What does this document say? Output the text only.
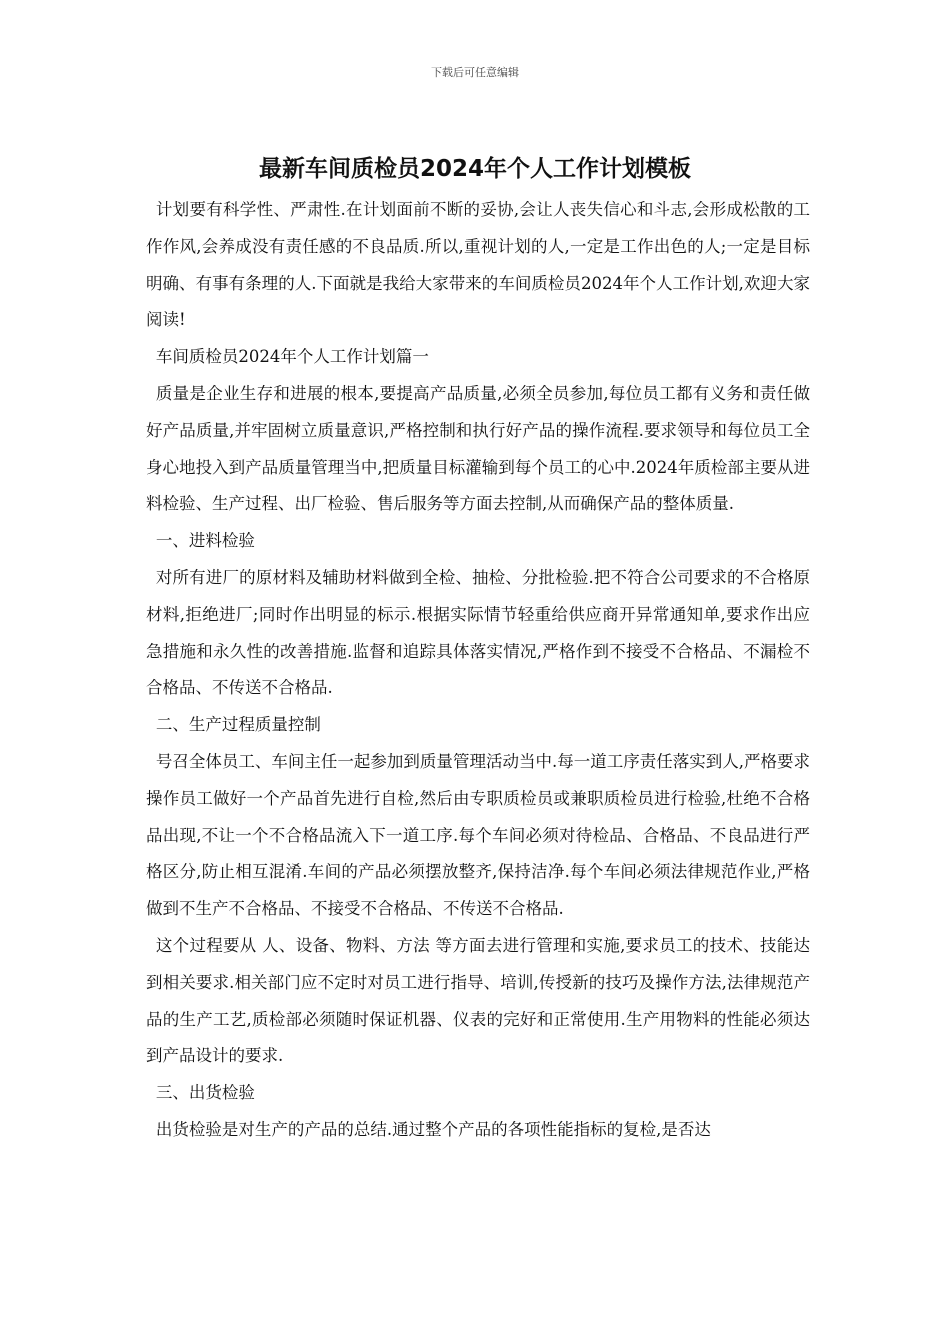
下载后可任意编辑
最新车间质检员2024年个人工作计划模板

计划要有科学性、严肃性.在计划面前不断的妥协,会让人丧失信心和斗志,会形成松散的工作作风,会养成没有责任感的不良品质.所以,重视计划的人,一定是工作出色的人;一定是目标明确、有事有条理的人.下面就是我给大家带来的车间质检员2024年个人工作计划,欢迎大家阅读!

车间质检员2024年个人工作计划篇一

质量是企业生存和进展的根本,要提高产品质量,必须全员参加,每位员工都有义务和责任做好产品质量,并牢固树立质量意识,严格控制和执行好产品的操作流程.要求领导和每位员工全身心地投入到产品质量管理当中,把质量目标灌输到每个员工的心中.2024年质检部主要从进料检验、生产过程、出厂检验、售后服务等方面去控制,从而确保产品的整体质量.

一、进料检验

对所有进厂的原材料及辅助材料做到全检、抽检、分批检验.把不符合公司要求的不合格原材料,拒绝进厂;同时作出明显的标示.根据实际情节轻重给供应商开异常通知单,要求作出应急措施和永久性的改善措施.监督和追踪具体落实情况,严格作到不接受不合格品、不漏检不合格品、不传送不合格品.

二、生产过程质量控制

号召全体员工、车间主任一起参加到质量管理活动当中.每一道工序责任落实到人,严格要求操作员工做好一个产品首先进行自检,然后由专职质检员或兼职质检员进行检验,杜绝不合格品出现,不让一个不合格品流入下一道工序.每个车间必须对待检品、合格品、不良品进行严格区分,防止相互混淆.车间的产品必须摆放整齐,保持洁净.每个车间必须法律规范作业,严格做到不生产不合格品、不接受不合格品、不传送不合格品.

这个过程要从 人、设备、物料、方法 等方面去进行管理和实施,要求员工的技术、技能达到相关要求.相关部门应不定时对员工进行指导、培训,传授新的技巧及操作方法,法律规范产品的生产工艺,质检部必须随时保证机器、仪表的完好和正常使用.生产用物料的性能必须达到产品设计的要求.

三、出货检验

出货检验是对生产的产品的总结.通过整个产品的各项性能指标的复检,是否达
